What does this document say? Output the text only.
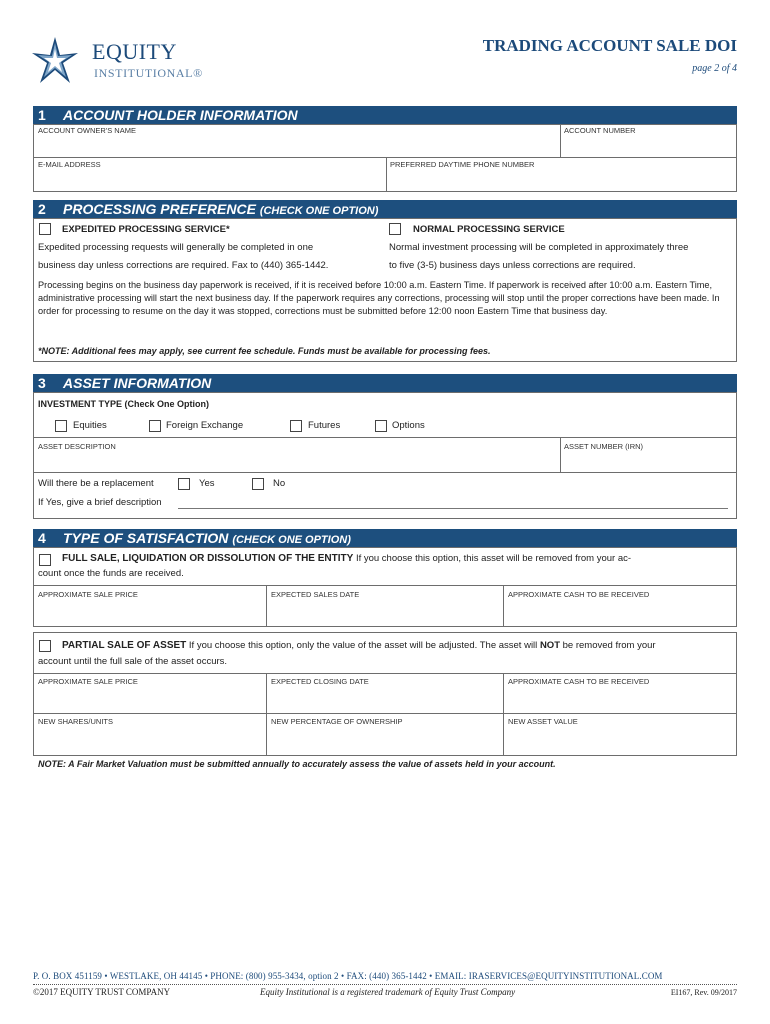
EQUITY
INSTITUTIONAL®
TRADING ACCOUNT SALE DOI
page 2 of 4
1 ACCOUNT HOLDER INFORMATION
ACCOUNT OWNER'S NAME	ACCOUNT NUMBER
E-MAIL ADDRESS	PREFERRED DAYTIME PHONE NUMBER
2 PROCESSING PREFERENCE (CHECK ONE OPTION)
EXPEDITED PROCESSING SERVICE*
Expedited processing requests will generally be completed in one
business day unless corrections are required. Fax to (440) 365-1442.
NORMAL PROCESSING SERVICE
Normal investment processing will be completed in approximately three
to five (3-5) business days unless corrections are required.
Processing begins on the business day paperwork is received, if it is received before 10:00 a.m. Eastern Time. If paperwork is received after 10:00 a.m. Eastern Time, administrative processing will start the next business day. If the paperwork requires any corrections, processing will stop until the proper corrections have been made. In order for processing to resume on the day it was stopped, corrections must be submitted before 12:00 noon Eastern Time that business day.
*NOTE: Additional fees may apply, see current fee schedule. Funds must be available for processing fees.
3 ASSET INFORMATION
INVESTMENT TYPE (Check One Option)
Equities	Foreign Exchange	Futures	Options
ASSET DESCRIPTION	ASSET NUMBER (IRN)
Will there be a replacement	Yes	No
If Yes, give a brief description
4 TYPE OF SATISFACTION (CHECK ONE OPTION)
FULL SALE, LIQUIDATION OR DISSOLUTION OF THE ENTITY If you choose this option, this asset will be removed from your ac-
count once the funds are received.
APPROXIMATE SALE PRICE	EXPECTED SALES DATE	APPROXIMATE CASH TO BE RECEIVED
PARTIAL SALE OF ASSET If you choose this option, only the value of the asset will be adjusted. The asset will NOT be removed from your
account until the full sale of the asset occurs.
APPROXIMATE SALE PRICE	EXPECTED CLOSING DATE	APPROXIMATE CASH TO BE RECEIVED
NEW SHARES/UNITS	NEW PERCENTAGE OF OWNERSHIP	NEW ASSET VALUE
NOTE: A Fair Market Valuation must be submitted annually to accurately assess the value of assets held in your account.
P. O. BOX 451159 • WESTLAKE, OH 44145 • PHONE: (800) 955-3434, option 2 • FAX: (440) 365-1442 • EMAIL: IRASERVICES@EQUITYINSTITUTIONAL.COM
©2017 EQUITY TRUST COMPANY	Equity Institutional is a registered trademark of Equity Trust Company	EI167, Rev. 09/2017
